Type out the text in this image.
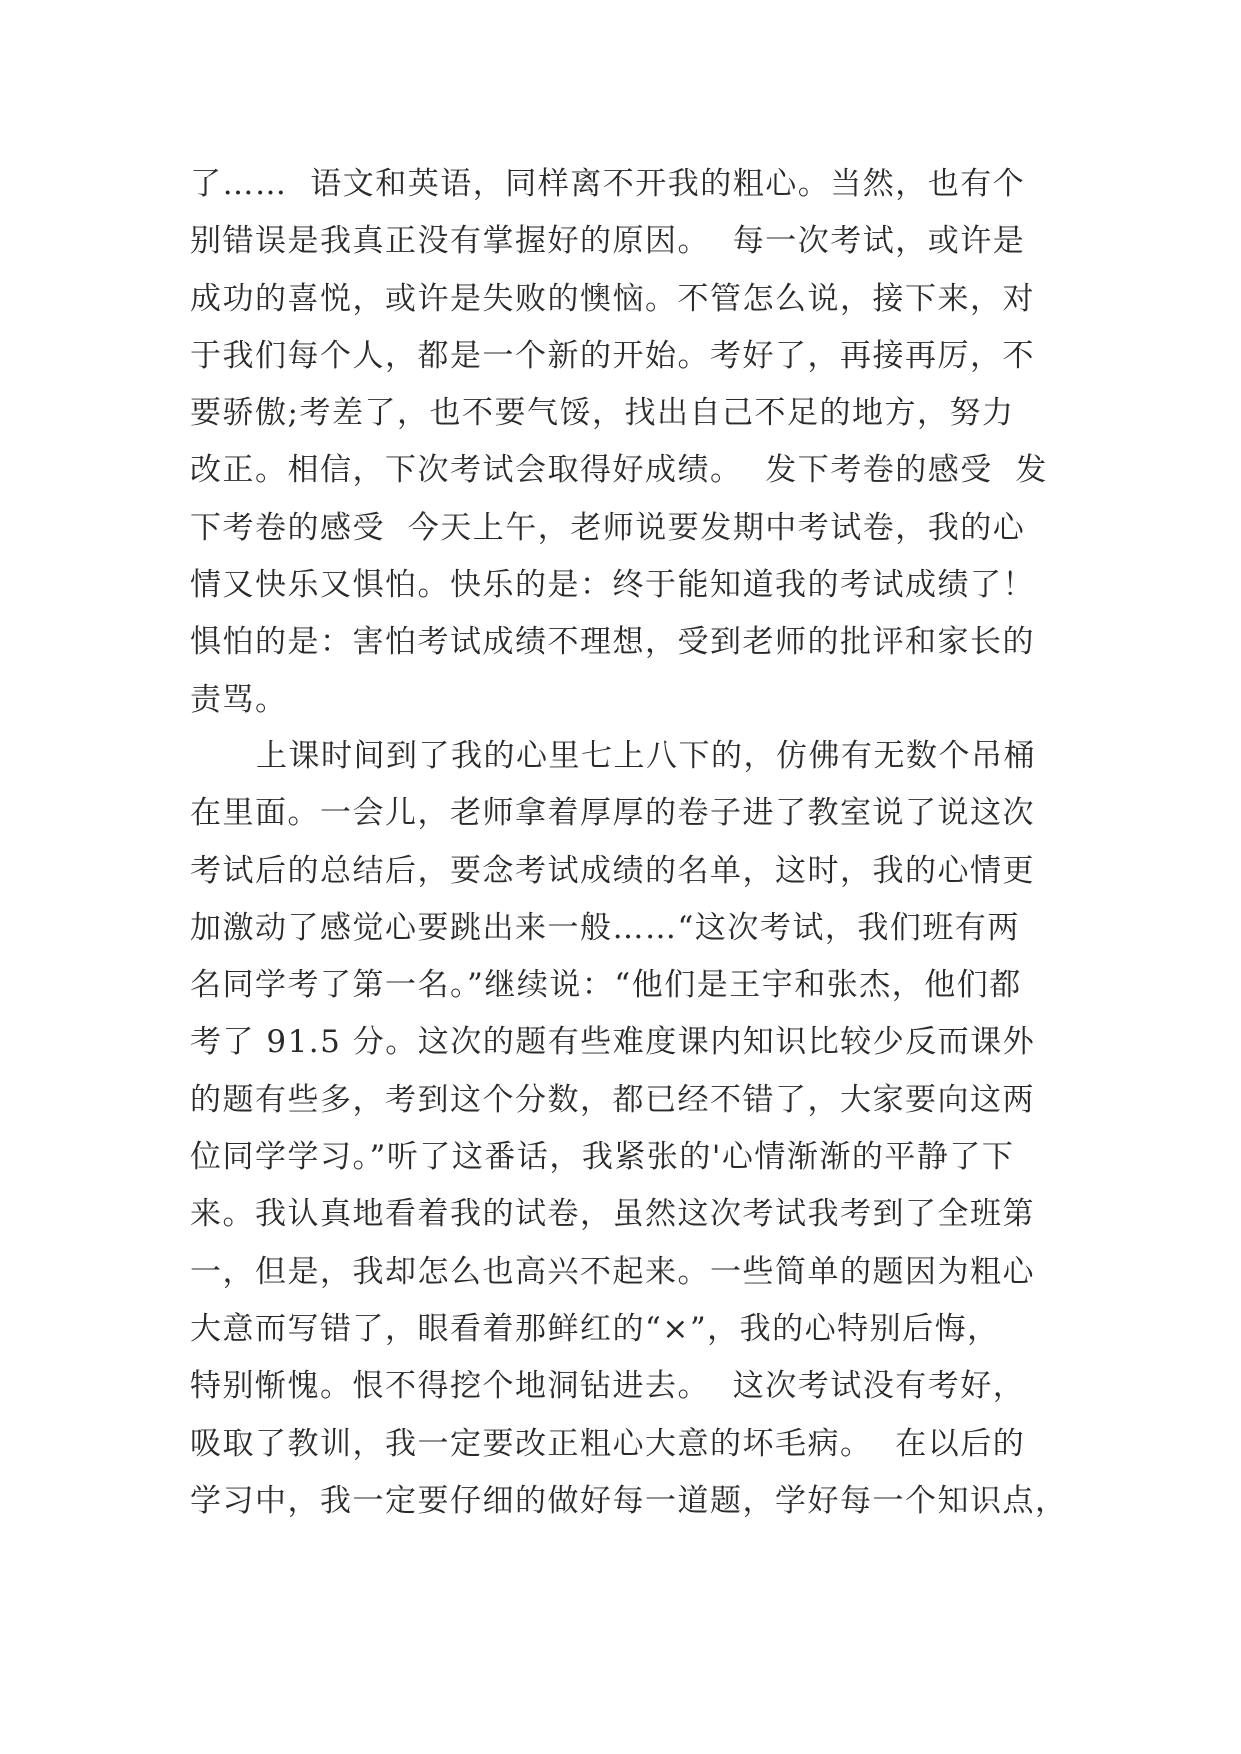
了……  语文和英语，同样离不开我的粗心。当然，也有个
别错误是我真正没有掌握好的原因。  每一次考试，或许是
成功的喜悦，或许是失败的懊恼。不管怎么说，接下来，对
于我们每个人，都是一个新的开始。考好了，再接再厉，不
要骄傲;考差了，也不要气馁，找出自己不足的地方，努力
改正。相信，下次考试会取得好成绩。  发下考卷的感受  发
下考卷的感受  今天上午，老师说要发期中考试卷，我的心
情又快乐又惧怕。快乐的是：终于能知道我的考试成绩了！
惧怕的是：害怕考试成绩不理想，受到老师的批评和家长的
责骂。
上课时间到了我的心里七上八下的，仿佛有无数个吊桶
在里面。一会儿，老师拿着厚厚的卷子进了教室说了说这次
考试后的总结后，要念考试成绩的名单，这时，我的心情更
加激动了感觉心要跳出来一般……“这次考试，我们班有两
名同学考了第一名。”继续说：“他们是王宇和张杰，他们都
考了 91.5 分。这次的题有些难度课内知识比较少反而课外
的题有些多，考到这个分数，都已经不错了，大家要向这两
位同学学习。”听了这番话，我紧张的'心情渐渐的平静了下
来。我认真地看着我的试卷，虽然这次考试我考到了全班第
一，但是，我却怎么也高兴不起来。一些简单的题因为粗心
大意而写错了，眼看着那鲜红的“×”，我的心特别后悔，
特别惭愧。恨不得挖个地洞钻进去。  这次考试没有考好，
吸取了教训，我一定要改正粗心大意的坏毛病。  在以后的
学习中，我一定要仔细的做好每一道题，学好每一个知识点，
